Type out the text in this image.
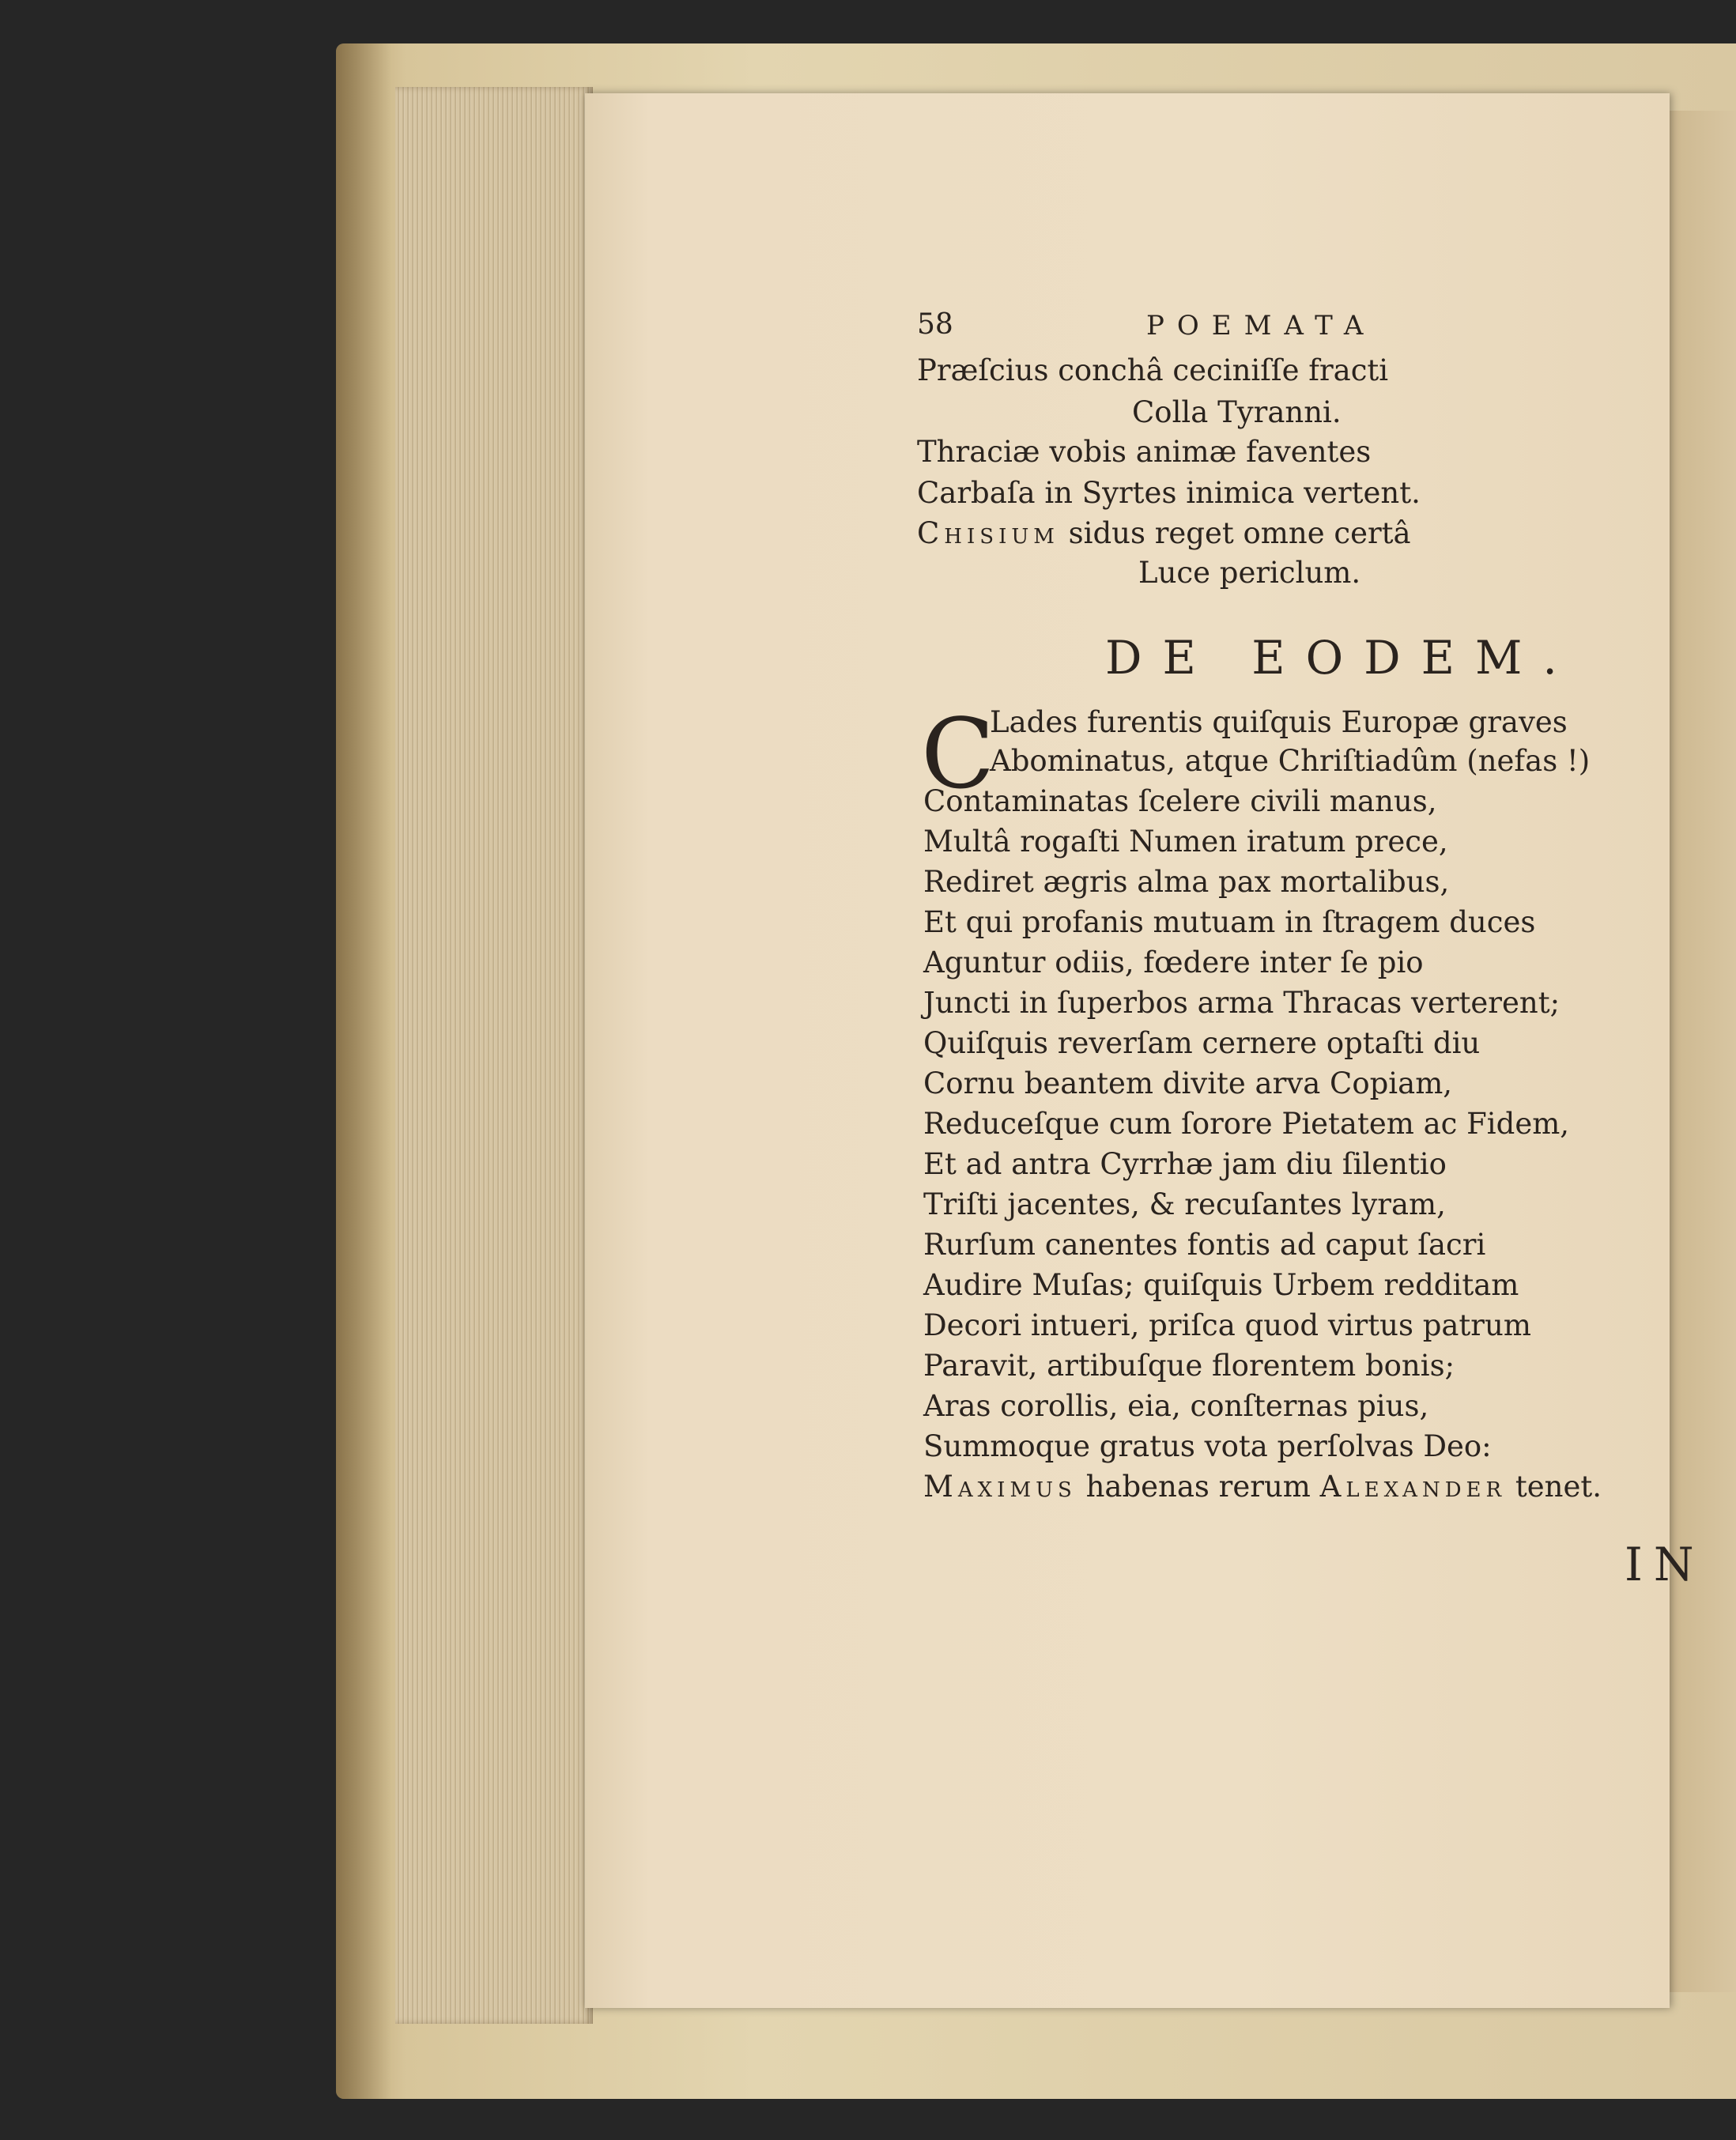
58	POEMATA
Præſcius conchâ ceciniſſe fracti
Colla Tyranni.
Thraciæ vobis animæ faventes
Carbaſa in Syrtes inimica vertent.
Chisium sidus reget omne certâ
Luce periclum.
DE EODEM.
C
Lades furentis quiſquis Europæ graves
Abominatus, atque Chriſtiadûm (nefas !)
Contaminatas ſcelere civili manus,
Multâ rogaſti Numen iratum prece,
Rediret ægris alma pax mortalibus,
Et qui profanis mutuam in ſtragem duces
Aguntur odiis, fœdere inter ſe pio
Juncti in ſuperbos arma Thracas verterent;
Quiſquis reverſam cernere optaſti diu
Cornu beantem divite arva Copiam,
Reduceſque cum ſorore Pietatem ac Fidem,
Et ad antra Cyrrhæ jam diu ſilentio
Triſti jacentes, & recuſantes lyram,
Rurſum canentes fontis ad caput ſacri
Audire Muſas; quiſquis Urbem redditam
Decori intueri, priſca quod virtus patrum
Paravit, artibuſque florentem bonis;
Aras corollis, eia, conſternas pius,
Summoque gratus vota perſolvas Deo:
Maximus habenas rerum Alexander tenet.
IN
